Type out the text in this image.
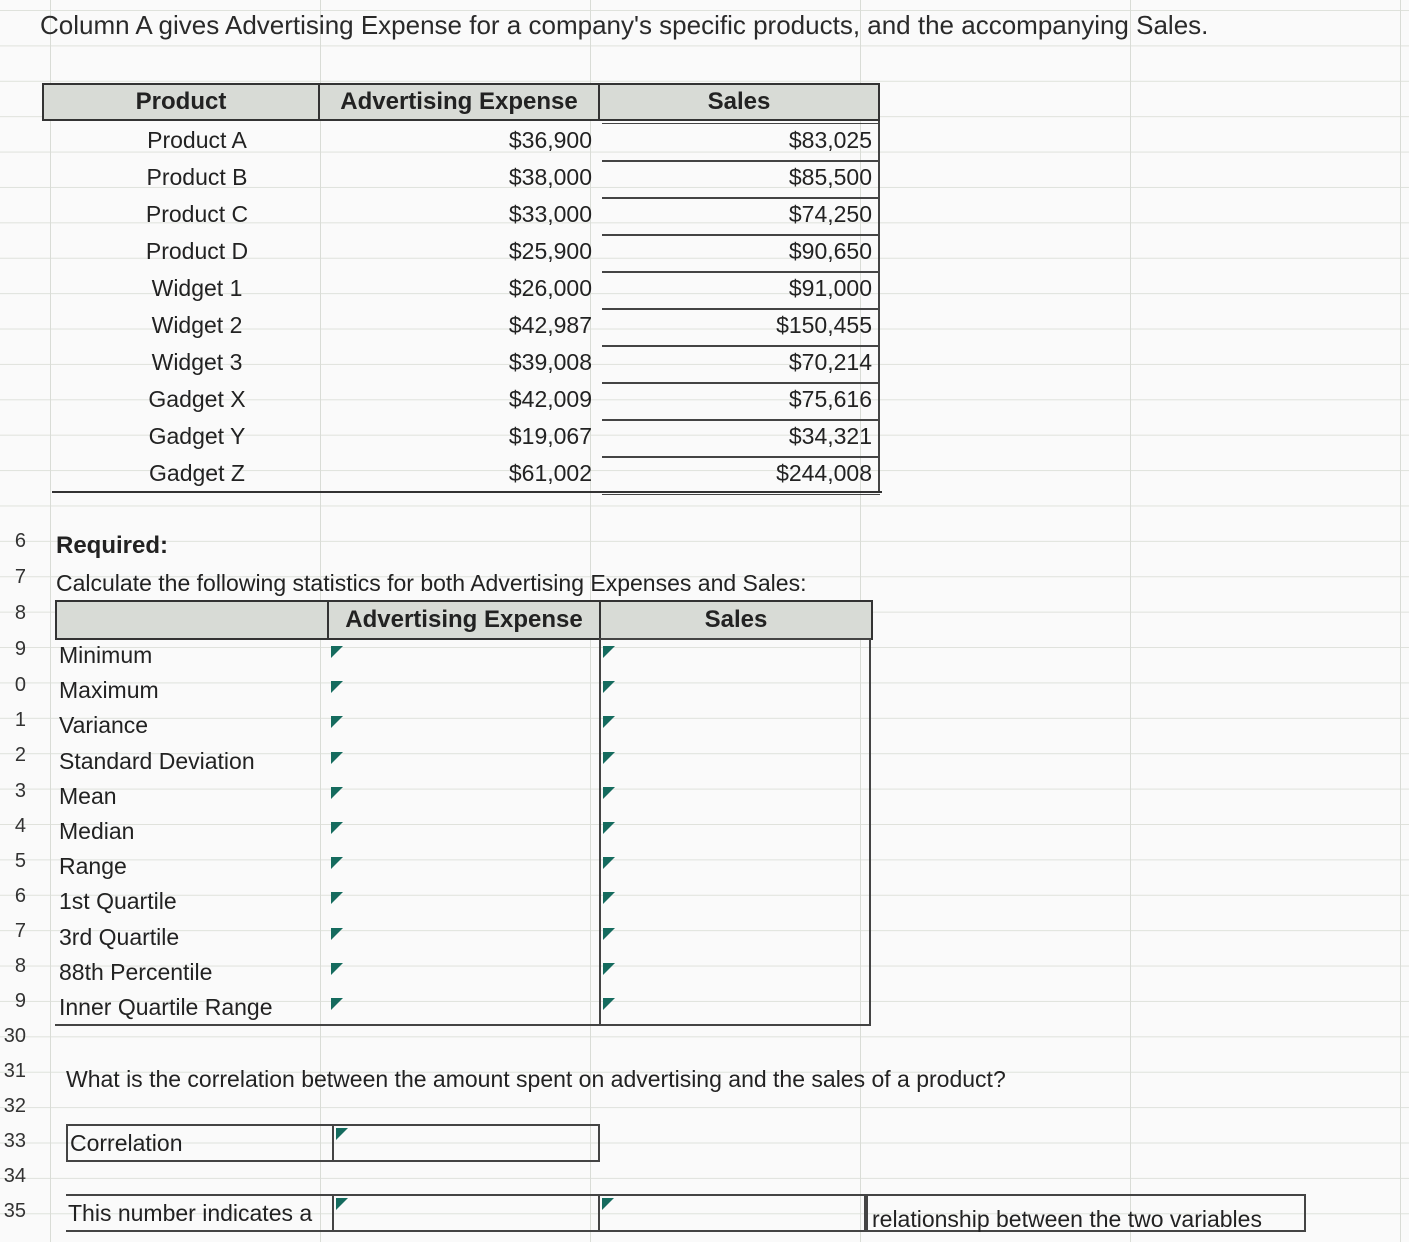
6
7
8
9
0
1
2
3
4
5
6
7
8
9
30
31
32
33
34
35
Column A gives Advertising Expense for a company's specific products, and the accompanying Sales.
Product	Advertising Expense	Sales
Product A	$36,900	$83,025
Product B	$38,000	$85,500
Product C	$33,000	$74,250
Product D	$25,900	$90,650
Widget 1	$26,000	$91,000
Widget 2	$42,987	$150,455
Widget 3	$39,008	$70,214
Gadget X	$42,009	$75,616
Gadget Y	$19,067	$34,321
Gadget Z	$61,002	$244,008
Required:
Calculate the following statistics for both Advertising Expenses and Sales:
Advertising Expense	Sales
Minimum
Maximum
Variance
Standard Deviation
Mean
Median
Range
1st Quartile
3rd Quartile
88th Percentile
Inner Quartile Range
What is the correlation between the amount spent on advertising and the sales of a product?
Correlation
This number indicates a	relationship between the two variables
